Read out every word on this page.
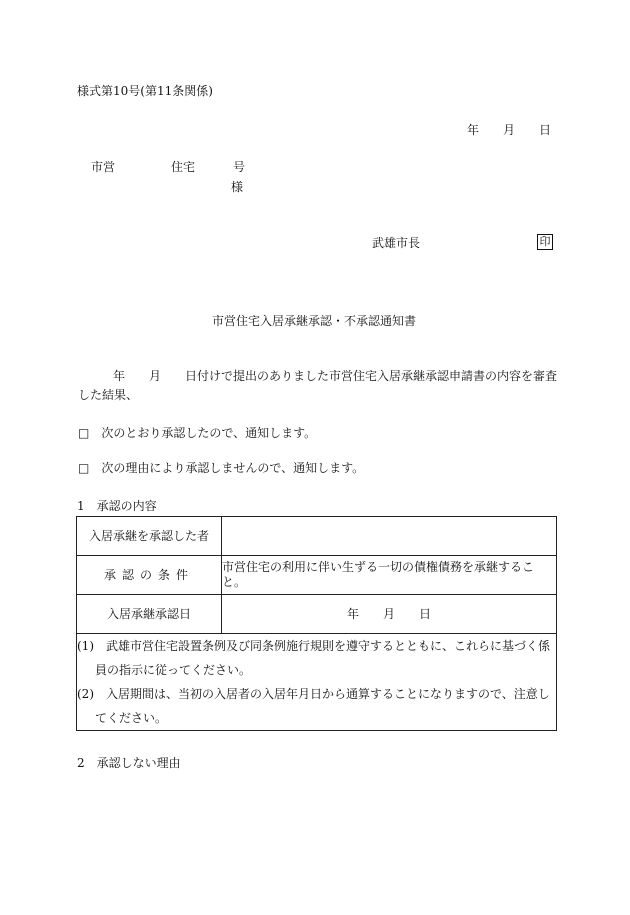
様式第10号(第11条関係)
年　　月　　日
市営	住宅	号
様
武雄市長	印
市営住宅入居承継承認・不承認通知書
年　　月　　日付けで提出のありました市営住宅入居承継承認申請書の内容を審査
した結果、
□ 次のとおり承認したので、通知します。
□ 次の理由により承認しませんので、通知します。
1　承認の内容
入居承継を承認した者	
承認の条件	市営住宅の利用に伴い生ずる一切の債権債務を承継するこ
と。

入居承継承認日	年　　月　　日

(1)　武雄市営住宅設置条例及び同条例施行規則を遵守するとともに、これらに基づく係
員の指示に従ってください。
(2)　入居期間は、当初の入居者の入居年月日から通算することになりますので、注意し
てください。	
2　承認しない理由
